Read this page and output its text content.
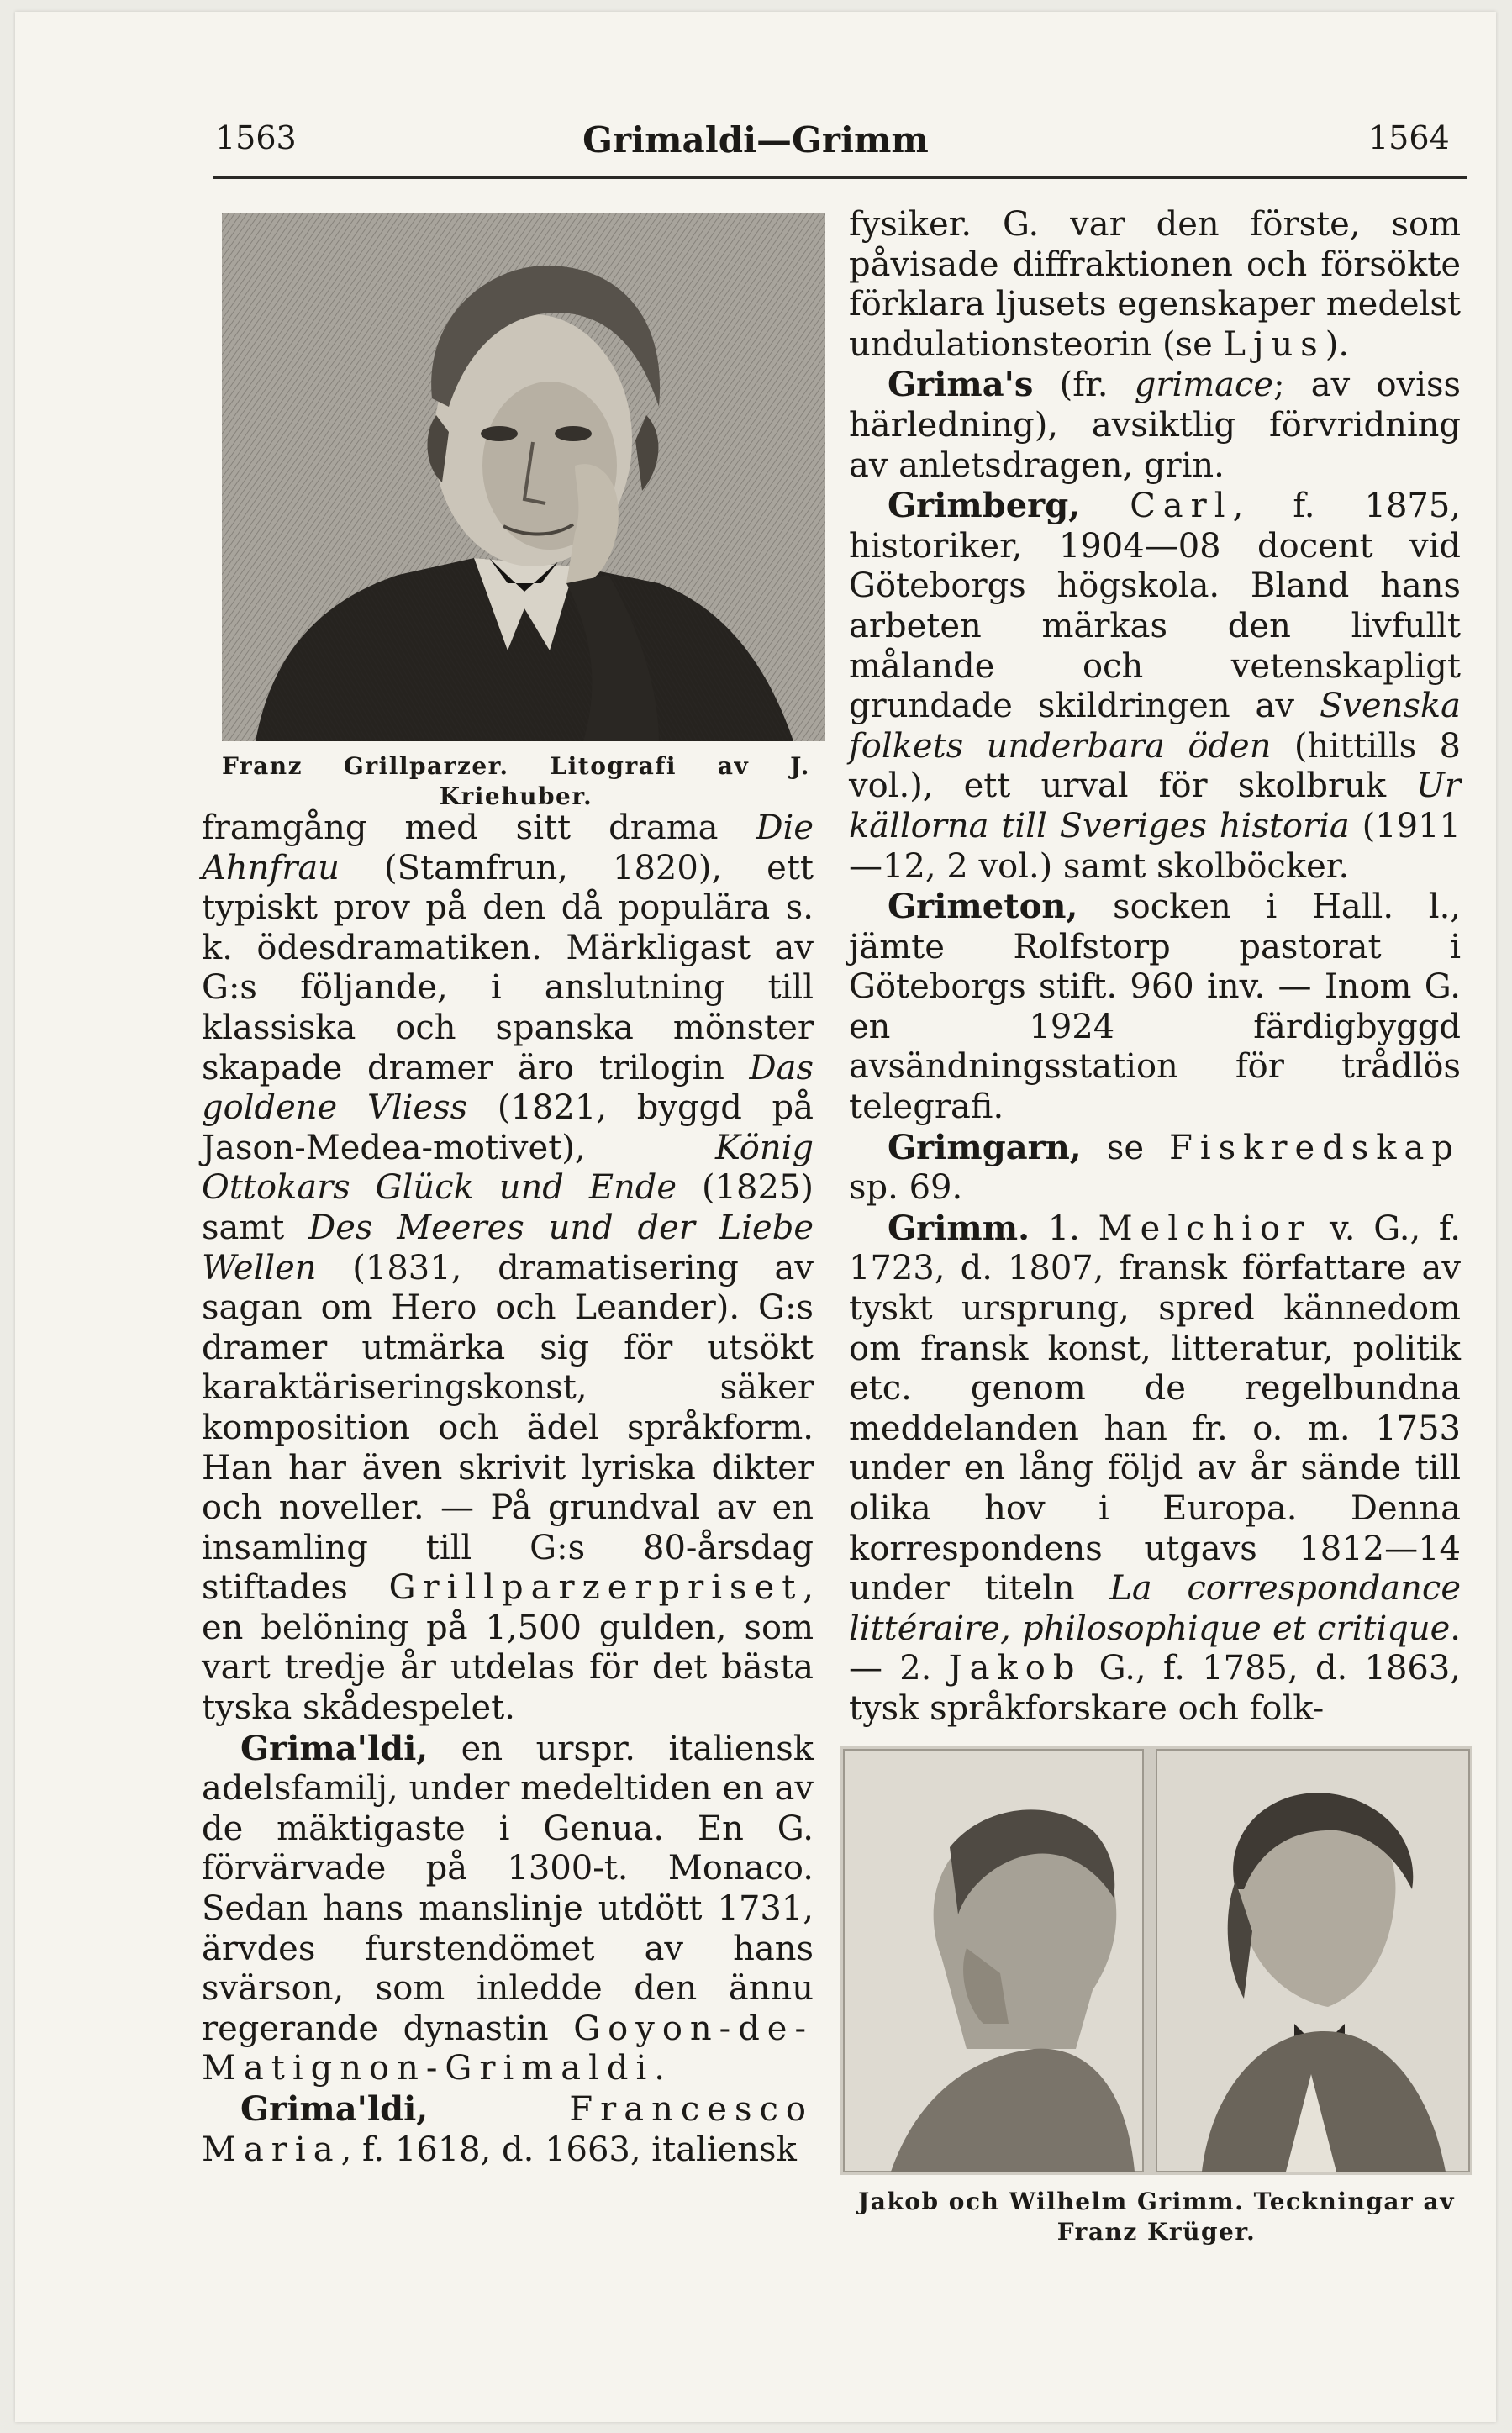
1563	Grimaldi—Grimm	1564
Franz Grillparzer. Litografi av J. Kriehuber.

framgång med sitt drama Die Ahnfrau (Stamfrun, 1820), ett typiskt prov på den då populära s. k. ödesdramatiken. Märkligast av G:s följande, i anslutning till klassiska och spanska mönster skapade dramer äro trilogin Das goldene Vliess (1821, byggd på Jason-Medea-motivet), König Ottokars Glück und Ende (1825) samt Des Meeres und der Liebe Wellen (1831, dramatisering av sagan om Hero och Leander). G:s dramer utmärka sig för utsökt karaktäriseringskonst, säker komposition och ädel språkform. Han har även skrivit lyriska dikter och noveller. — På grundval av en insamling till G:s 80-årsdag stiftades Grillparzerpriset, en belöning på 1,500 gulden, som vart tredje år utdelas för det bästa tyska skådespelet.

Grima'ldi, en urspr. italiensk adelsfamilj, under medeltiden en av de mäktigaste i Genua. En G. förvärvade på 1300-t. Monaco. Sedan hans manslinje utdött 1731, ärvdes furstendömet av hans svärson, som inledde den ännu regerande dynastin Goyon-de-Matignon-Grimaldi.

Grima'ldi,	Francesco Maria, f. 1618, d. 1663, italiensk

fysiker. G. var den förste, som påvisade diffraktionen och försökte förklara ljusets egenskaper medelst undulationsteorin (se Ljus).

Grima's (fr. grimace; av oviss härledning), avsiktlig förvridning av anletsdragen, grin.

Grimberg, Carl, f. 1875, historiker, 1904—08 docent vid Göteborgs högskola. Bland hans arbeten märkas den livfullt målande och vetenskapligt grundade skildringen av Svenska folkets underbara öden (hittills 8 vol.), ett urval för skolbruk Ur källorna till Sveriges historia (1911—12, 2 vol.) samt skolböcker.

Grimeton, socken i Hall. l., jämte Rolfstorp pastorat i Göteborgs stift. 960 inv. — Inom G. en 1924 färdigbyggd avsändningsstation för trådlös telegrafi.

Grimgarn, se Fiskredskap sp. 69.

Grimm. 1. Melchior v. G., f. 1723, d. 1807, fransk författare av tyskt ursprung, spred kännedom om fransk konst, litteratur, politik etc. genom de regelbundna meddelanden han fr. o. m. 1753 under en lång följd av år sände till olika hov i Europa. Denna korrespondens utgavs 1812—14 under titeln La correspondance littéraire, philosophique et critique. — 2. Jakob G., f. 1785, d. 1863, tysk språkforskare och folk-

Jakob och Wilhelm Grimm. Teckningar av Franz Krüger.
